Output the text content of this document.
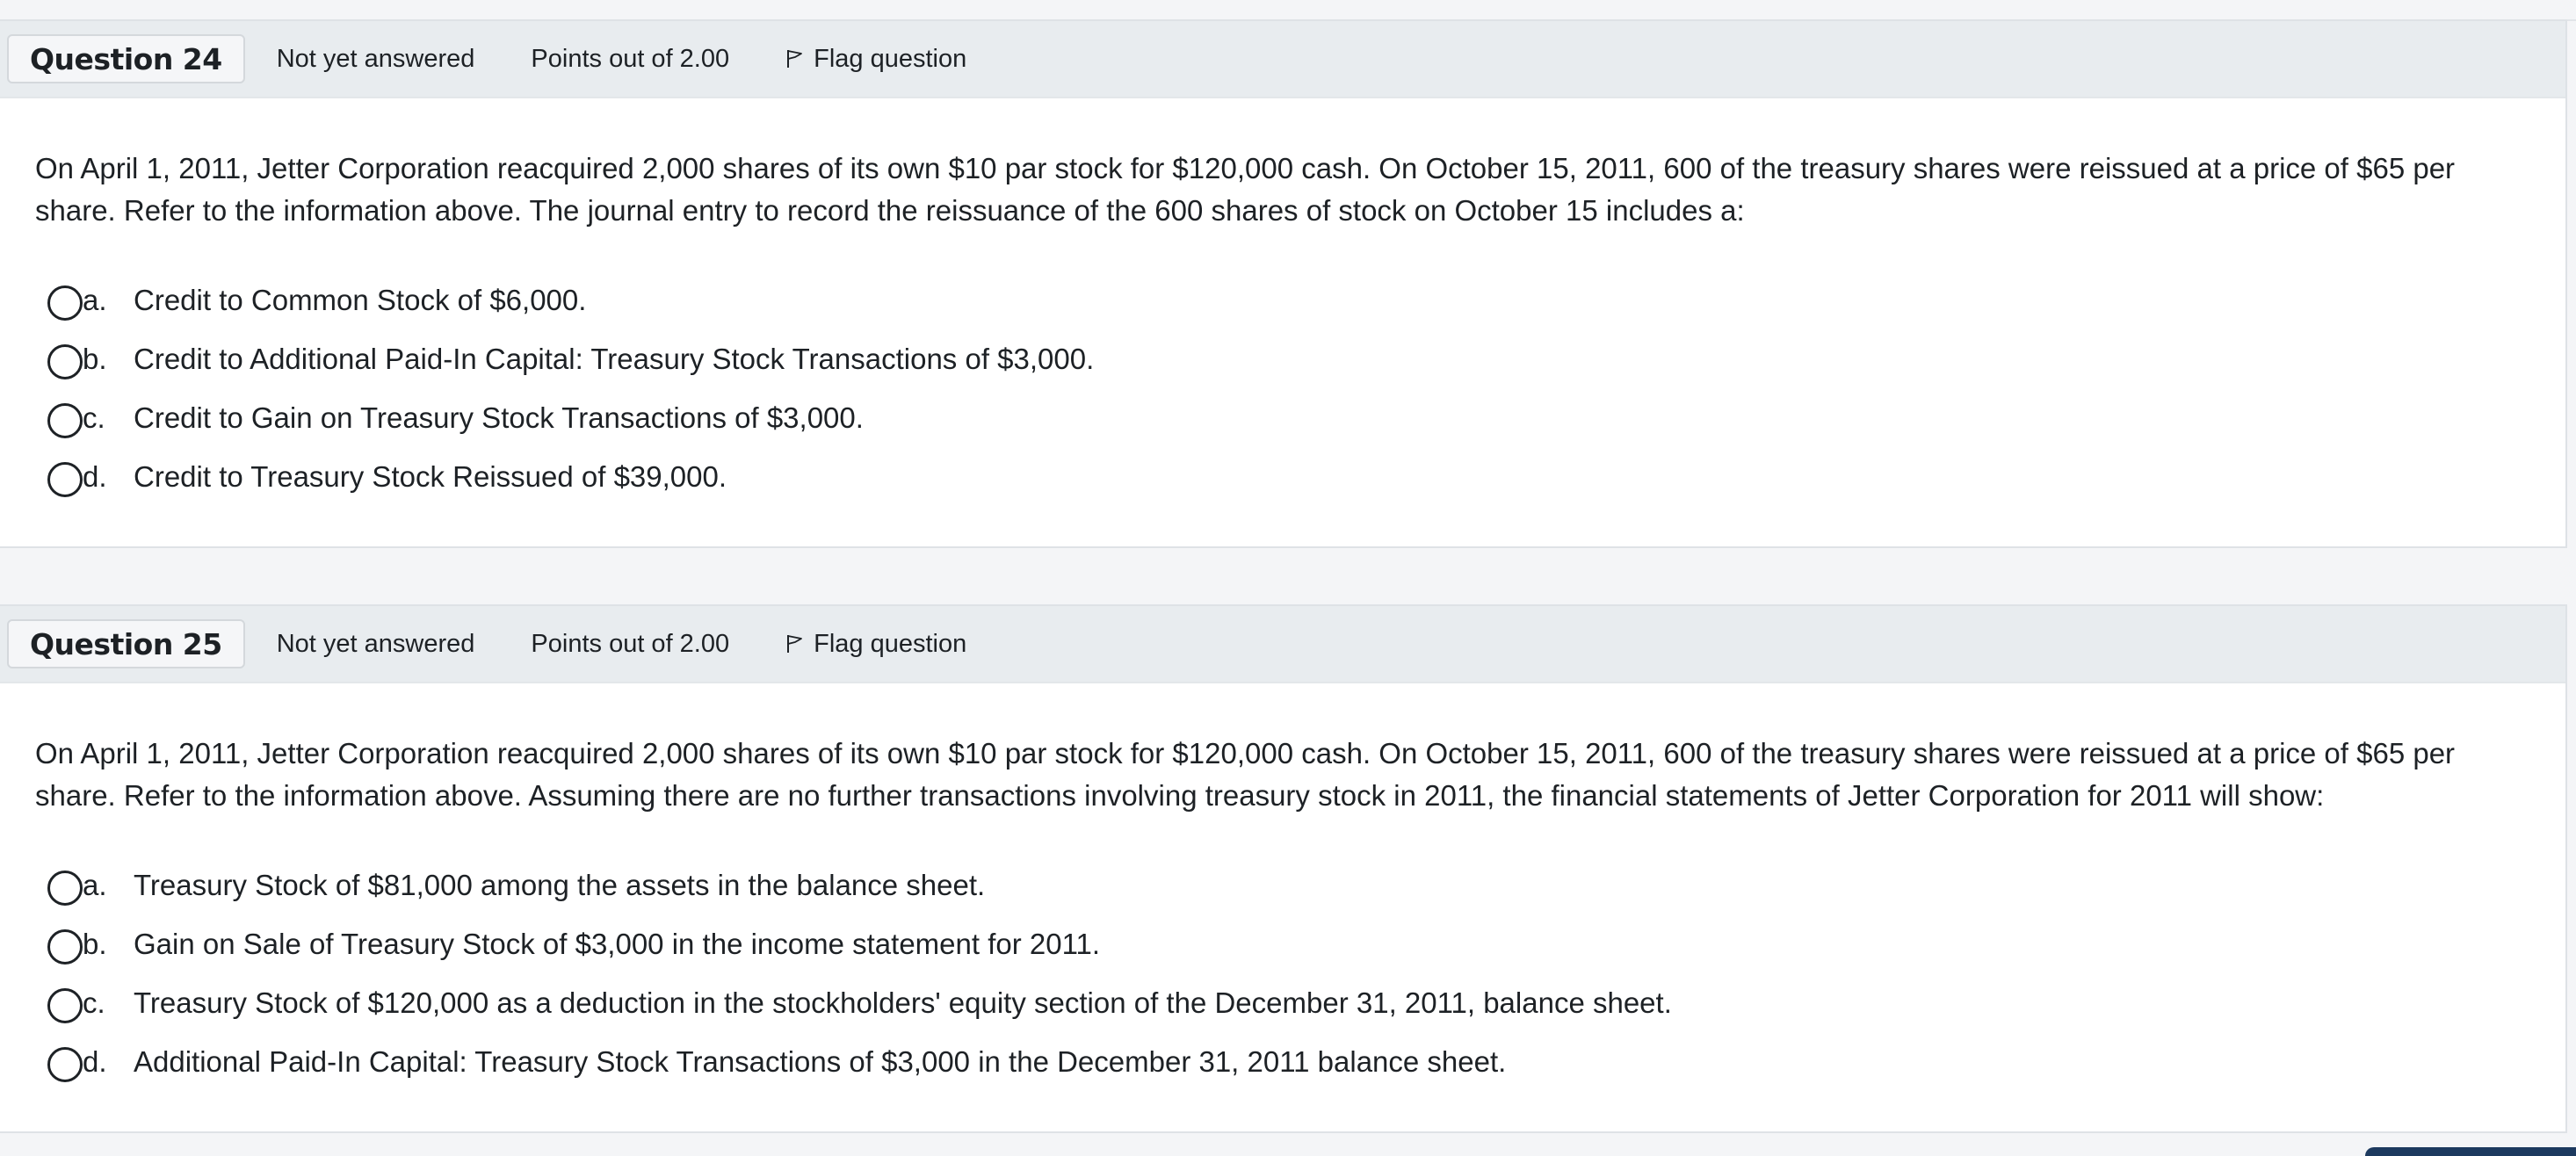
Question 24	Not yet answered Points out of 2.00	Flag question
On April 1, 2011, Jetter Corporation reacquired 2,000 shares of its own $10 par stock for $120,000 cash. On October 15, 2011, 600 of the treasury shares were reissued at a price of $65 per share. Refer to the information above. The journal entry to record the reissuance of the 600 shares of stock on October 15 includes a:
a. Credit to Common Stock of $6,000.
b. Credit to Additional Paid-In Capital: Treasury Stock Transactions of $3,000.
c. Credit to Gain on Treasury Stock Transactions of $3,000.
d. Credit to Treasury Stock Reissued of $39,000.
Question 25	Not yet answered Points out of 2.00	Flag question
On April 1, 2011, Jetter Corporation reacquired 2,000 shares of its own $10 par stock for $120,000 cash. On October 15, 2011, 600 of the treasury shares were reissued at a price of $65 per share. Refer to the information above. Assuming there are no further transactions involving treasury stock in 2011, the financial statements of Jetter Corporation for 2011 will show:
a. Treasury Stock of $81,000 among the assets in the balance sheet.
b. Gain on Sale of Treasury Stock of $3,000 in the income statement for 2011.
c. Treasury Stock of $120,000 as a deduction in the stockholders' equity section of the December 31, 2011, balance sheet.
d. Additional Paid-In Capital: Treasury Stock Transactions of $3,000 in the December 31, 2011 balance sheet.
